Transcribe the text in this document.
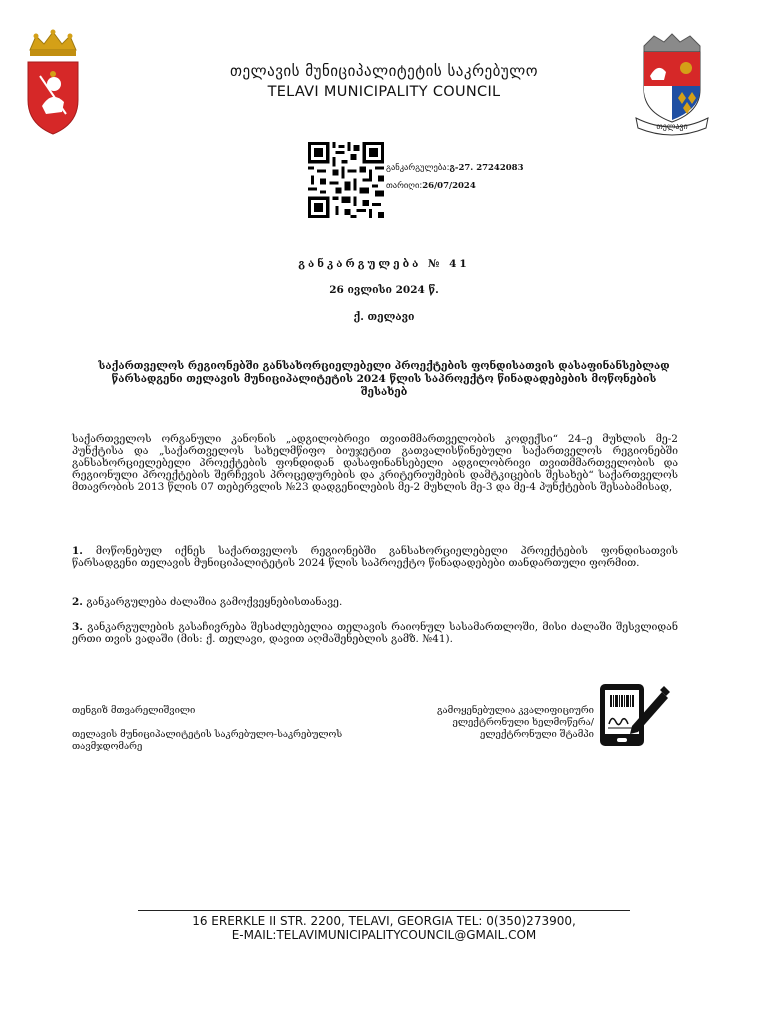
თელავის მუნიციპალიტეტის საკრებულო
TELAVI MUNICIPALITY COUNCIL
თელავი
განკარგულება:გ-27. 27242083
თარიღი:26/07/2024
განკარგულება № 41
26 ივლისი 2024 წ.
ქ. თელავი
საქართველოს რეგიონებში განსახორციელებელი პროექტების ფონდისათვის დასაფინანსებლად წარსადგენი თელავის მუნიციპალიტეტის 2024 წლის საპროექტო წინადადებების მოწონების შესახებ
საქართველოს ორგანული კანონის „ადგილობრივი თვითმმართველობის კოდექსი“ 24–ე მუხლის მე-2 პუნქტისა და „საქართველოს სახელმწიფო ბიუჯეტით გათვალისწინებული საქართველოს რეგიონებში განსახორციელებელი პროექტების ფონდიდან დასაფინანსებელი ადგილობრივი თვითმმართველობის და რეგიონული პროექტების შერჩევის პროცედურების და კრიტერიუმების დამტკიცების შესახებ“ საქართველოს მთავრობის 2013 წლის 07 თებერვლის №23 დადგენილების მე-2 მუხლის მე-3 და მე-4 პუნქტების შესაბამისად,
1. მოწონებულ იქნეს საქართველოს რეგიონებში განსახორციელებელი პროექტების ფონდისათვის წარსადგენი თელავის მუნიციპალიტეტის 2024 წლის საპროექტო წინადადებები თანდართული ფორმით.
2. განკარგულება ძალაშია გამოქვეყნებისთანავე.
3. განკარგულების გასაჩივრება შესაძლებელია თელავის რაიონულ სასამართლოში, მისი ძალაში შესვლიდან ერთი თვის ვადაში (მის: ქ. თელავი, დავით აღმაშენებლის გამზ. №41).
თენგიზ მთვარელიშვილი
თელავის მუნიციპალიტეტის საკრებულო-საკრებულოს თავმჯდომარე
გამოყენებულია კვალიფიციური ელექტრონული ხელმოწერა/ ელექტრონული შტამპი
16 ERERKLE II STR. 2200, TELAVI, GEORGIA TEL: 0(350)273900,
E-MAIL:TELAVIMUNICIPALITYCOUNCIL@GMAIL.COM
